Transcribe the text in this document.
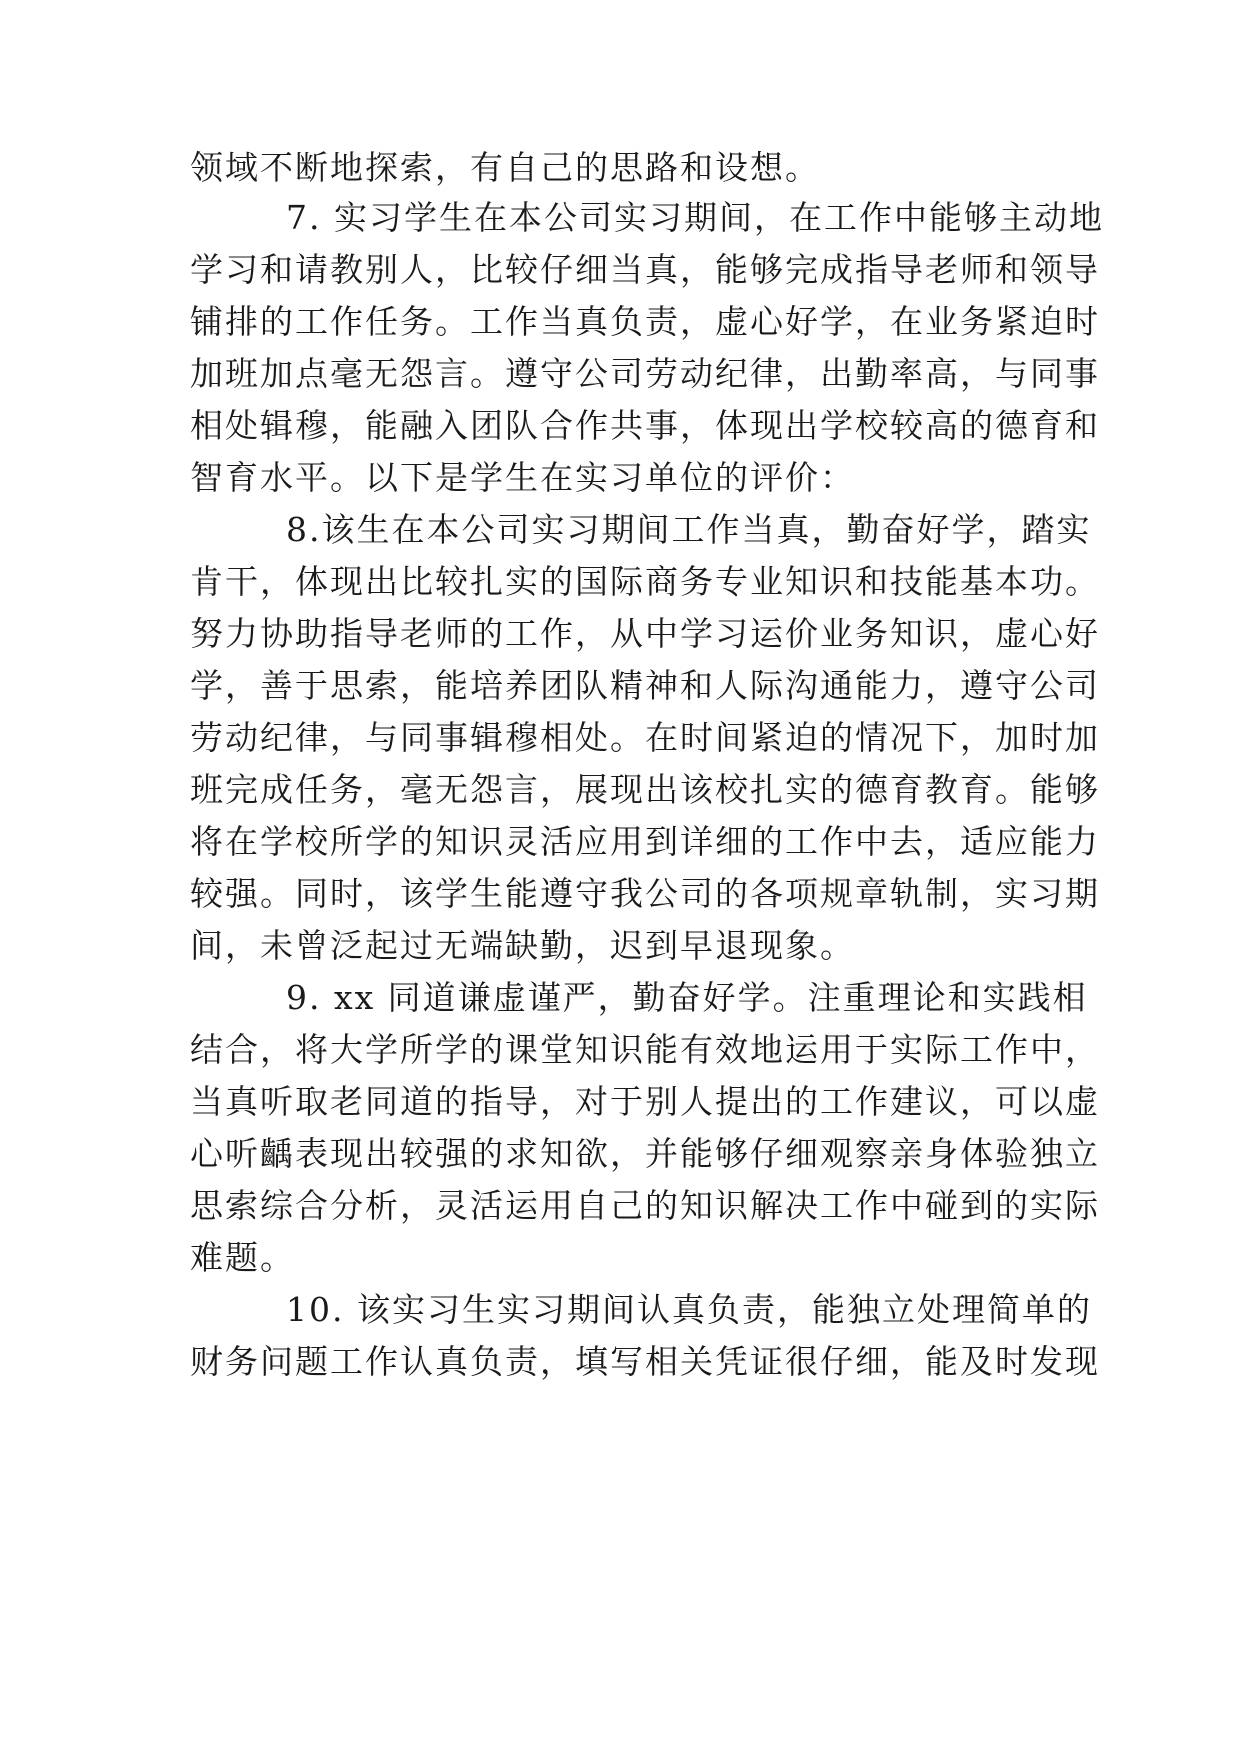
领域不断地探索，有自己的思路和设想。
7. 实习学生在本公司实习期间，在工作中能够主动地
学习和请教别人，比较仔细当真，能够完成指导老师和领导
铺排的工作任务。工作当真负责，虚心好学，在业务紧迫时
加班加点毫无怨言。遵守公司劳动纪律，出勤率高，与同事
相处辑穆，能融入团队合作共事，体现出学校较高的德育和
智育水平。以下是学生在实习单位的评价：
8.该生在本公司实习期间工作当真，勤奋好学，踏实
肯干，体现出比较扎实的国际商务专业知识和技能基本功。
努力协助指导老师的工作，从中学习运价业务知识，虚心好
学，善于思索，能培养团队精神和人际沟通能力，遵守公司
劳动纪律，与同事辑穆相处。在时间紧迫的情况下，加时加
班完成任务，毫无怨言，展现出该校扎实的德育教育。能够
将在学校所学的知识灵活应用到详细的工作中去，适应能力
较强。同时，该学生能遵守我公司的各项规章轨制，实习期
间，未曾泛起过无端缺勤，迟到早退现象。
9. xx 同道谦虚谨严，勤奋好学。注重理论和实践相
结合，将大学所学的课堂知识能有效地运用于实际工作中，
当真听取老同道的指导，对于别人提出的工作建议，可以虚
心听齲表现出较强的求知欲，并能够仔细观察亲身体验独立
思索综合分析，灵活运用自己的知识解决工作中碰到的实际
难题。
10. 该实习生实习期间认真负责，能独立处理简单的
财务问题工作认真负责，填写相关凭证很仔细，能及时发现
